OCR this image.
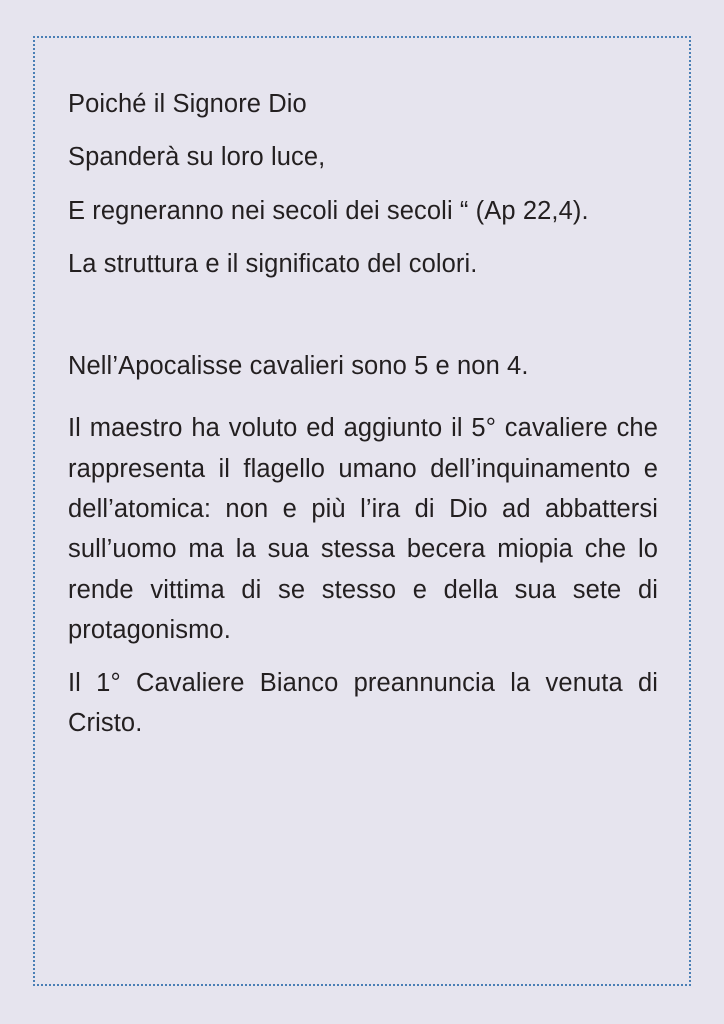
Poiché il Signore Dio

Spanderà su loro luce,

E regneranno nei secoli dei secoli “ (Ap 22,4).

La struttura e il significato del colori.

Nell’Apocalisse cavalieri sono 5 e non 4.

Il maestro ha voluto ed aggiunto il 5° cavaliere che rappresenta il flagello umano dell’inquinamento e dell’atomica: non e più l’ira di Dio ad abbattersi sull’uomo ma la sua stessa becera miopia che lo rende vittima di se stesso e della sua sete di protagonismo.

Il 1° Cavaliere Bianco preannuncia la venuta di Cristo.
